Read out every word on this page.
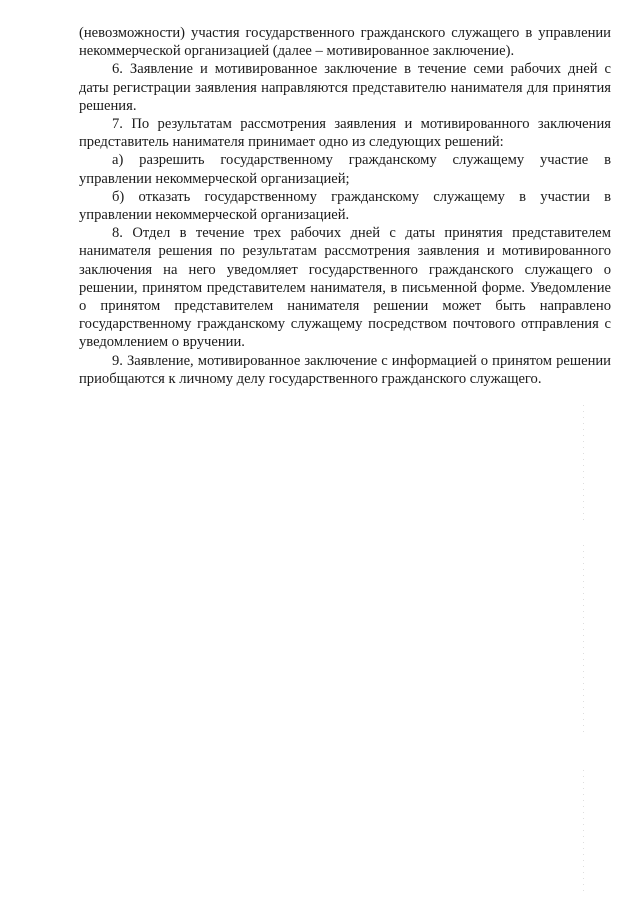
(невозможности) участия государственного гражданского служащего в управлении некоммерческой организацией (далее – мотивированное заключение).

6. Заявление и мотивированное заключение в течение семи рабочих дней с даты регистрации заявления направляются представителю нанимателя для принятия решения.

7. По результатам рассмотрения заявления и мотивированного заключения представитель нанимателя принимает одно из следующих решений:

а) разрешить государственному гражданскому служащему участие в управлении некоммерческой организацией;

б) отказать государственному гражданскому служащему в участии в управлении некоммерческой организацией.

8. Отдел в течение трех рабочих дней с даты принятия представителем нанимателя решения по результатам рассмотрения заявления и мотивированного заключения на него уведомляет государственного гражданского служащего о решении, принятом представителем нанимателя, в письменной форме. Уведомление о принятом представителем нанимателя решении может быть направлено государственному гражданскому служащему посредством почтового отправления с уведомлением о вручении.

9. Заявление, мотивированное заключение с информацией о принятом решении приобщаются к личному делу государственного гражданского служащего.
